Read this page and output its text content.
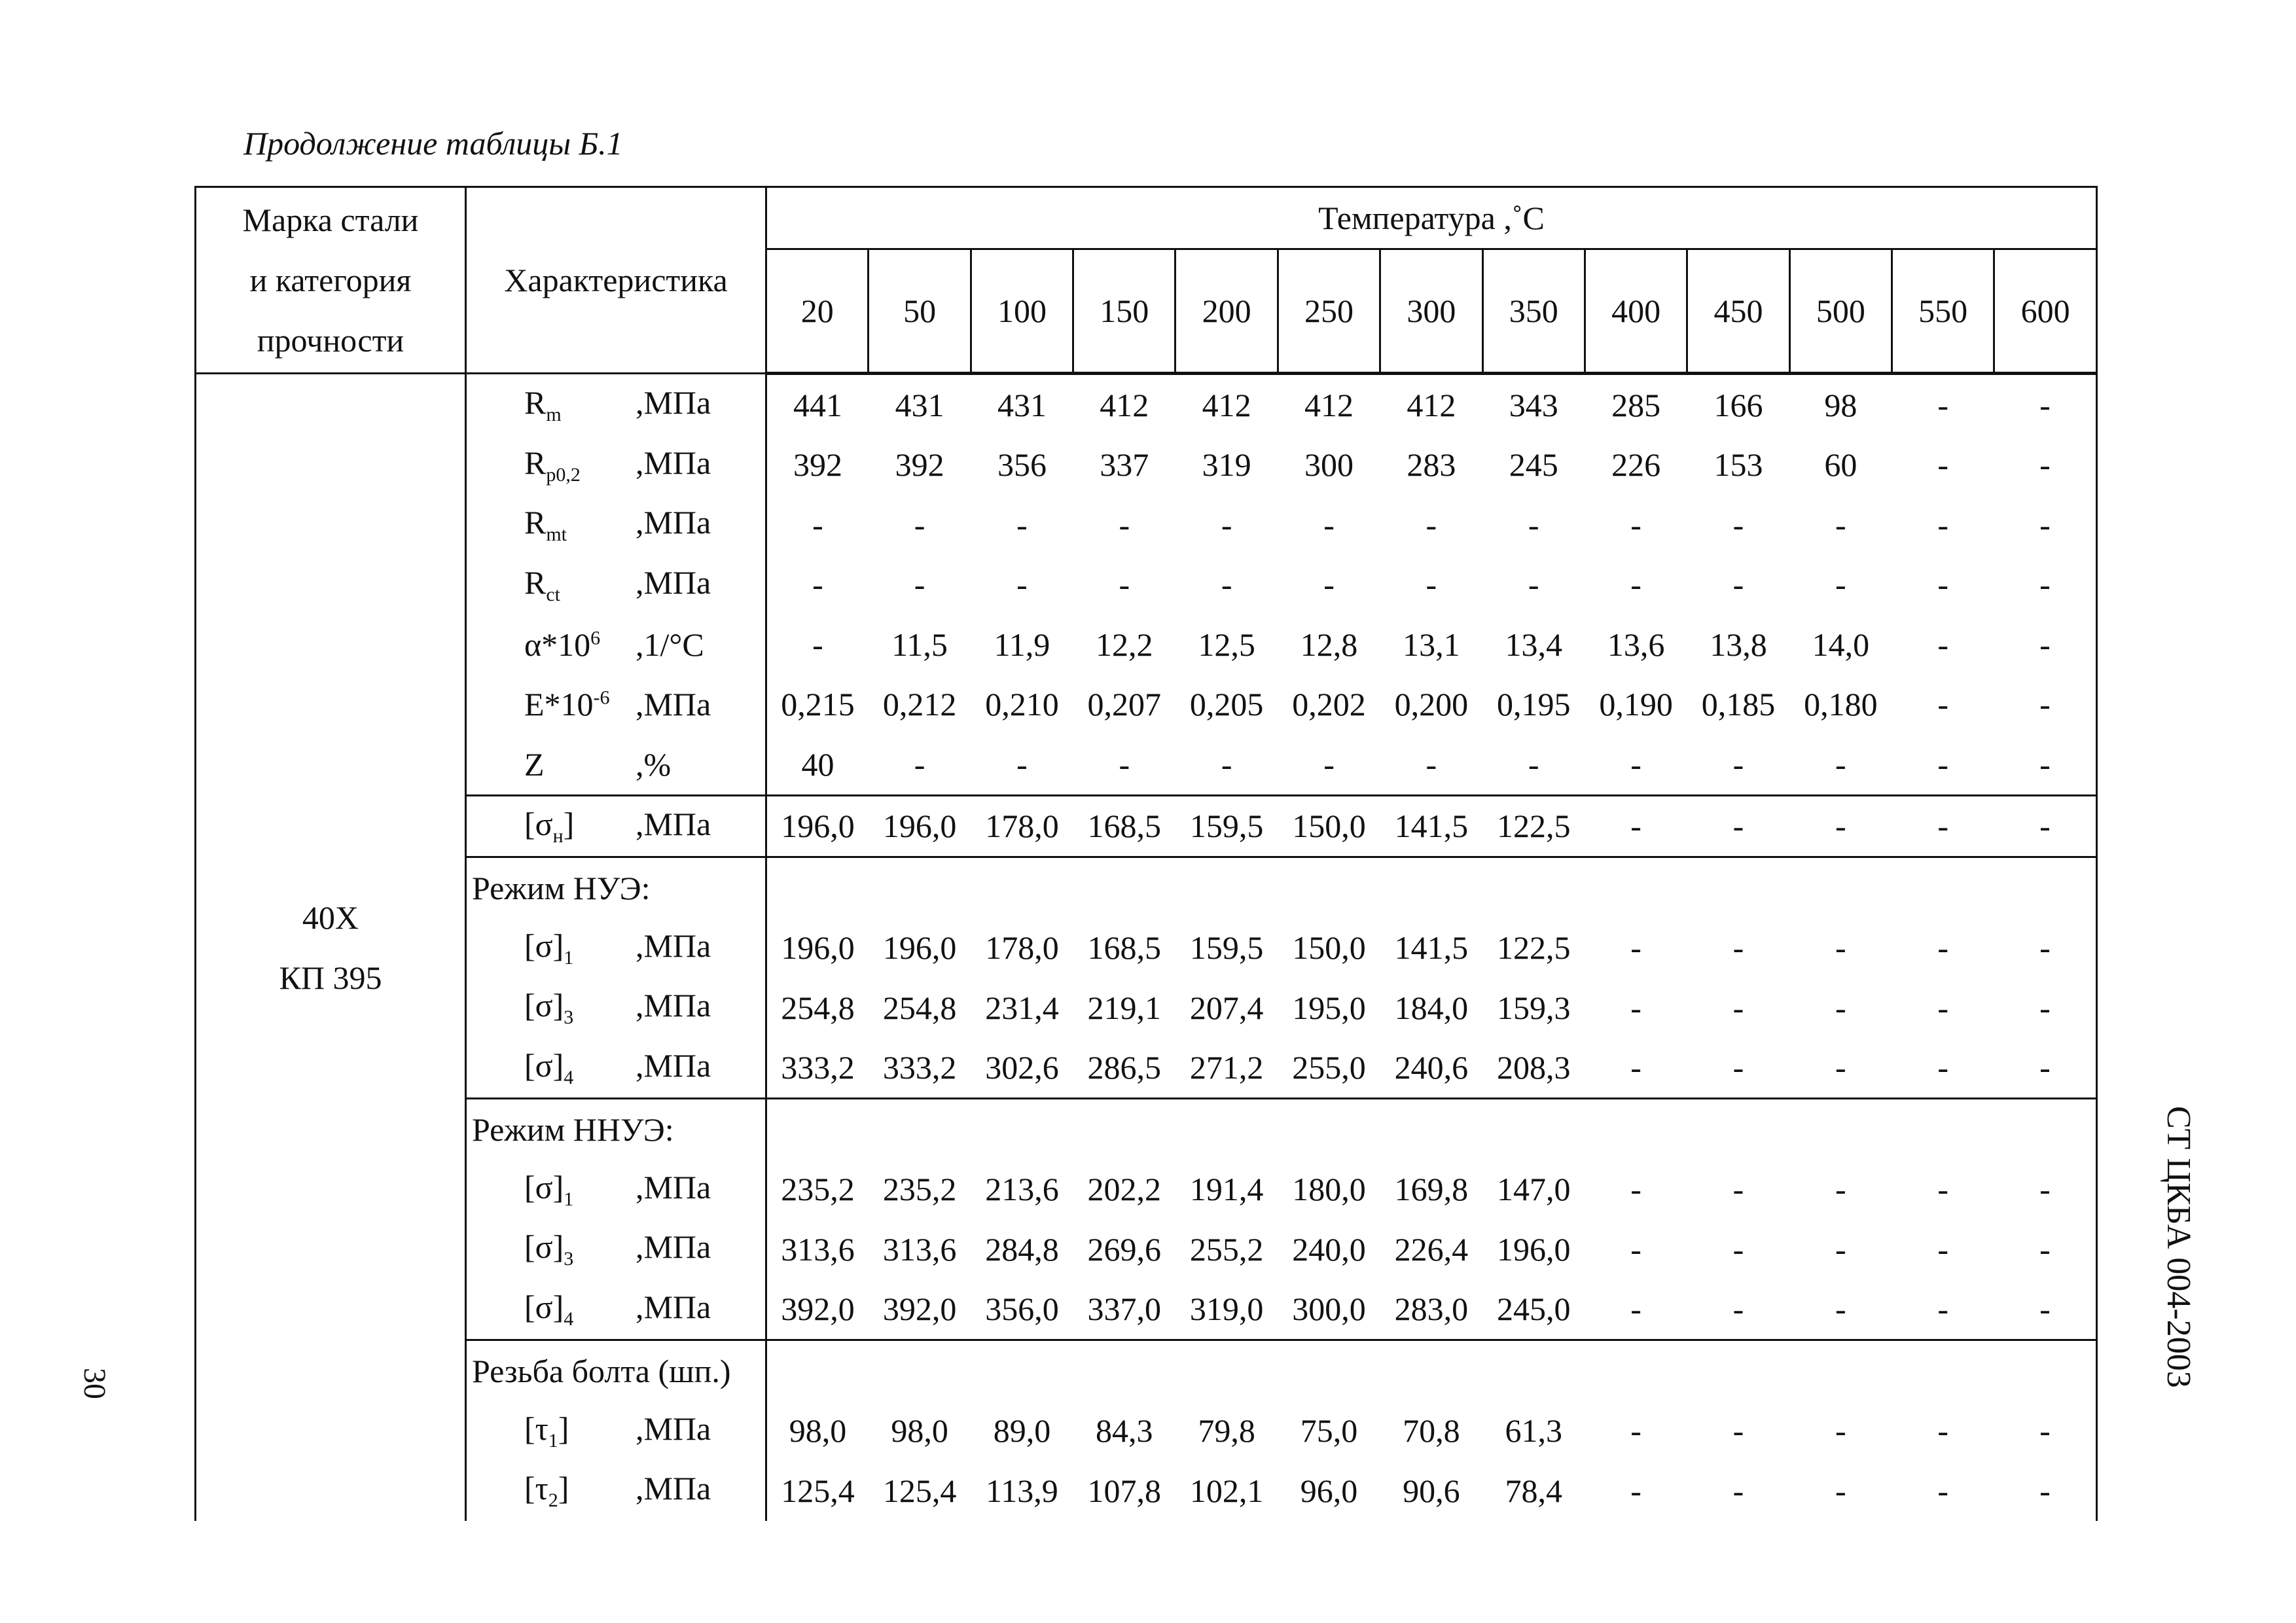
Продолжение таблицы Б.1
30	СТ ЦКБА 004-2003
Марка стали и категория прочности	Характеристика	Температура ,˚С												
		20	50	100	150	200	250	300	350	400	450	500	550	600

40Х
КП 395	$R_m$ ,МПа	441	431	431	412	412	412	412	343	285	166	98	-	-
	$R_{p0,2}$ ,МПа	392	392	356	337	319	300	283	245	226	153	60	-	-
	$R_{mt}$ ,МПа	-	-	-	-	-	-	-	-	-	-	-	-	-
	$R_{ct}$ ,МПа	-	-	-	-	-	-	-	-	-	-	-	-	-
	$\alpha*10^6$ ,1/°С	-	11,5	11,9	12,2	12,5	12,8	13,1	13,4	13,6	13,8	14,0	-	-
	$E*10^{-6}$ ,МПа	0,215	0,212	0,210	0,207	0,205	0,202	0,200	0,195	0,190	0,185	0,180	-	-
	Z ,%	40	-	-	-	-	-	-	-	-	-	-	-	-
	$[\sigma_н]$ ,МПа	196,0	196,0	178,0	168,5	159,5	150,0	141,5	122,5	-	-	-	-	-
	Режим НУЭ:													
	$[\sigma]_1$ ,МПа	196,0	196,0	178,0	168,5	159,5	150,0	141,5	122,5	-	-	-	-	-
	$[\sigma]_3$ ,МПа	254,8	254,8	231,4	219,1	207,4	195,0	184,0	159,3	-	-	-	-	-
	$[\sigma]_4$ ,МПа	333,2	333,2	302,6	286,5	271,2	255,0	240,6	208,3	-	-	-	-	-
	Режим ННУЭ:													
	$[\sigma]_1$ ,МПа	235,2	235,2	213,6	202,2	191,4	180,0	169,8	147,0	-	-	-	-	-
	$[\sigma]_3$ ,МПа	313,6	313,6	284,8	269,6	255,2	240,0	226,4	196,0	-	-	-	-	-
	$[\sigma]_4$ ,МПа	392,0	392,0	356,0	337,0	319,0	300,0	283,0	245,0	-	-	-	-	-
	Резьба болта (шп.)													
	$[\tau_1]$ ,МПа	98,0	98,0	89,0	84,3	79,8	75,0	70,8	61,3	-	-	-	-	-
	$[\tau_2]$ ,МПа	125,4	125,4	113,9	107,8	102,1	96,0	90,6	78,4	-	-	-	-	-
